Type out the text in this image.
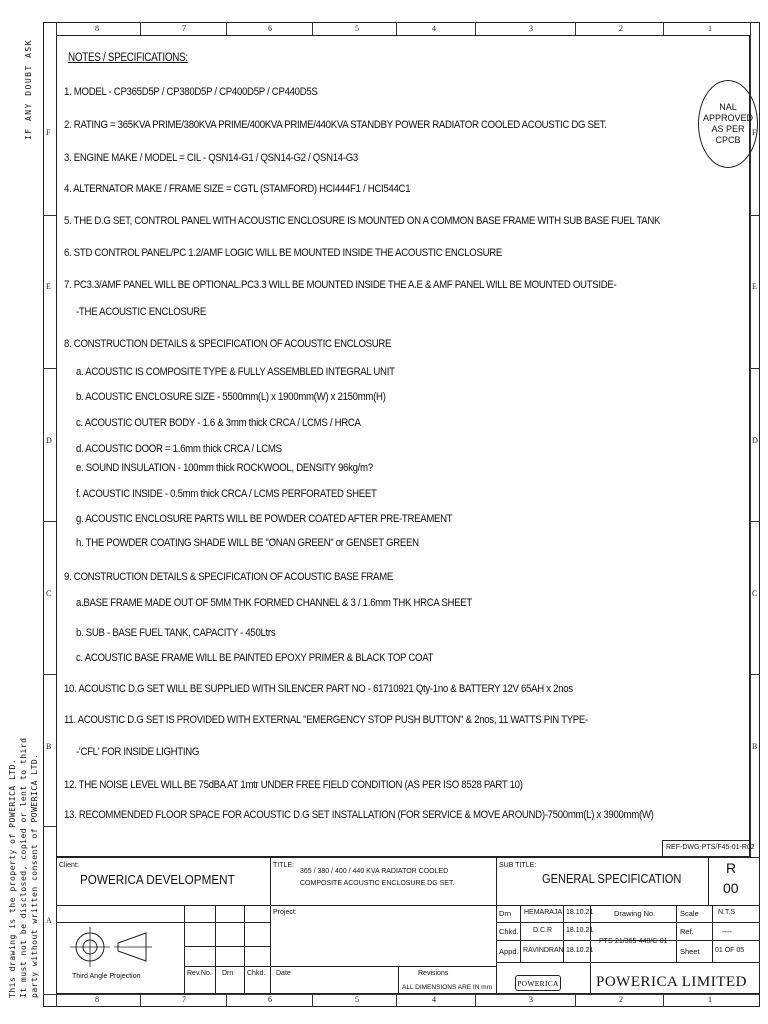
8	7	6	5	4	3	2	1
8	7	6	5	4	3	2	1
F
E
D
C
B
A
F
E
D
C
B
IF ANY DOUBT ASK
This drawing is the property of POWERICA LTD. It must not be disclosed, copied or lent to third party without written consent of POWERICA LTD.
NAL
APPROVED
AS PER CPCB
NOTES / SPECIFICATIONS:
1. MODEL - CP365D5P / CP380D5P / CP400D5P / CP440D5S
2. RATING = 365KVA PRIME/380KVA PRIME/400KVA PRIME/440KVA STANDBY POWER RADIATOR COOLED ACOUSTIC DG SET.
3. ENGINE MAKE / MODEL = CIL - QSN14-G1 / QSN14-G2 / QSN14-G3
4. ALTERNATOR MAKE / FRAME SIZE = CGTL (STAMFORD) HCI444F1 / HCI544C1
5. THE D.G SET, CONTROL PANEL WITH ACOUSTIC ENCLOSURE IS MOUNTED ON A COMMON BASE FRAME WITH SUB BASE FUEL TANK
6. STD CONTROL PANEL/PC 1.2/AMF LOGIC WILL BE MOUNTED INSIDE THE ACOUSTIC ENCLOSURE
7. PC3.3/AMF PANEL WILL BE OPTIONAL.PC3.3 WILL BE MOUNTED INSIDE THE A.E & AMF PANEL WILL BE MOUNTED OUTSIDE-
-THE ACOUSTIC ENCLOSURE
8. CONSTRUCTION DETAILS & SPECIFICATION OF ACOUSTIC ENCLOSURE
a. ACOUSTIC IS COMPOSITE TYPE & FULLY ASSEMBLED INTEGRAL UNIT
b. ACOUSTIC ENCLOSURE SIZE - 5500mm(L) x 1900mm(W) x 2150mm(H)
c. ACOUSTIC OUTER BODY - 1.6 & 3mm thick CRCA / LCMS / HRCA
d. ACOUSTIC DOOR = 1.6mm thick CRCA / LCMS
e. SOUND INSULATION - 100mm thick ROCKWOOL, DENSITY 96kg/m?
f. ACOUSTIC INSIDE - 0.5mm thick CRCA / LCMS PERFORATED SHEET
g. ACOUSTIC ENCLOSURE PARTS WILL BE POWDER COATED AFTER PRE-TREAMENT
h. THE POWDER COATING SHADE WILL BE "ONAN GREEN" or GENSET GREEN
9. CONSTRUCTION DETAILS & SPECIFICATION OF ACOUSTIC BASE FRAME
a.BASE FRAME MADE OUT OF 5MM THK FORMED CHANNEL & 3 / 1.6mm THK HRCA SHEET
b. SUB - BASE FUEL TANK, CAPACITY - 450Ltrs
c. ACOUSTIC BASE FRAME WILL BE PAINTED EPOXY PRIMER & BLACK TOP COAT
10. ACOUSTIC D.G SET WILL BE SUPPLIED WITH SILENCER PART NO - 61710921 Qty-1no & BATTERY 12V 65AH x 2nos
11. ACOUSTIC D.G SET IS PROVIDED WITH EXTERNAL "EMERGENCY STOP PUSH BUTTON" & 2nos, 11 WATTS PIN TYPE-
-'CFL' FOR INSIDE LIGHTING
12. THE NOISE LEVEL WILL BE 75dBA AT 1mtr UNDER FREE FIELD CONDITION (AS PER ISO 8528 PART 10)
13. RECOMMENDED FLOOR SPACE FOR ACOUSTIC D.G SET INSTALLATION (FOR SERVICE & MOVE AROUND)-7500mm(L) x 3900mm(W)
REF-DWG-PTS/F45-01-R02
Client:
POWERICA DEVELOPMENT
TITLE:
365 / 380 / 400 / 440 KVA RADIATOR COOLED
COMPOSITE ACOUSTIC ENCLOSURE DG SET.
SUB TITLE:
GENERAL SPECIFICATION
R
00
Project:	Drn HEMARAJA 18.10.21
Chkd. D.C.R 18.10.21
Appd. RAVINDRAN 18.10.21
Drawing No.
PTS-21/365-440/C-01
Scale	N.T.S
Ref.	----
Sheet 01 OF 05
Third Angle Projection	Rev.No. Drn Chkd. Date	Revisions
ALL DIMENSIONS ARE IN mm	POWERICA POWERICA LIMITED
